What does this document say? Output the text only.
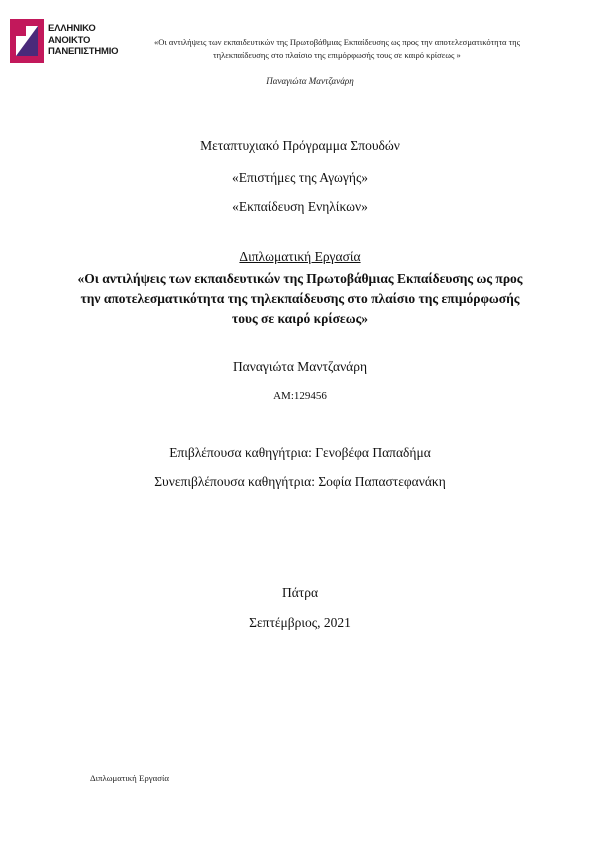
ΕΛΛΗΝΙΚΟ
ΑΝΟΙΚΤΟ
ΠΑΝΕΠΙΣΤΗΜΙΟ
«Οι αντιλήψεις των εκπαιδευτικών της Πρωτοβάθμιας Εκπαίδευσης ως προς την αποτελεσματικότητα της
τηλεκπαίδευσης στο πλαίσιο της επιμόρφωσής τους σε καιρό κρίσεως »
Παναγιώτα Μαντζανάρη
Μεταπτυχιακό Πρόγραμμα Σπουδών
«Επιστήμες της Αγωγής»
«Εκπαίδευση Ενηλίκων»
Διπλωματική Εργασία
«Οι αντιλήψεις των εκπαιδευτικών της Πρωτοβάθμιας Εκπαίδευσης ως προς την αποτελεσματικότητα της τηλεκπαίδευσης στο πλαίσιο της επιμόρφωσής τους σε καιρό κρίσεως»
Παναγιώτα Μαντζανάρη
ΑΜ:129456
Επιβλέπουσα καθηγήτρια: Γενοβέφα Παπαδήμα
Συνεπιβλέπουσα καθηγήτρια: Σοφία Παπαστεφανάκη
Πάτρα
Σεπτέμβριος, 2021
Διπλωματική Εργασία
